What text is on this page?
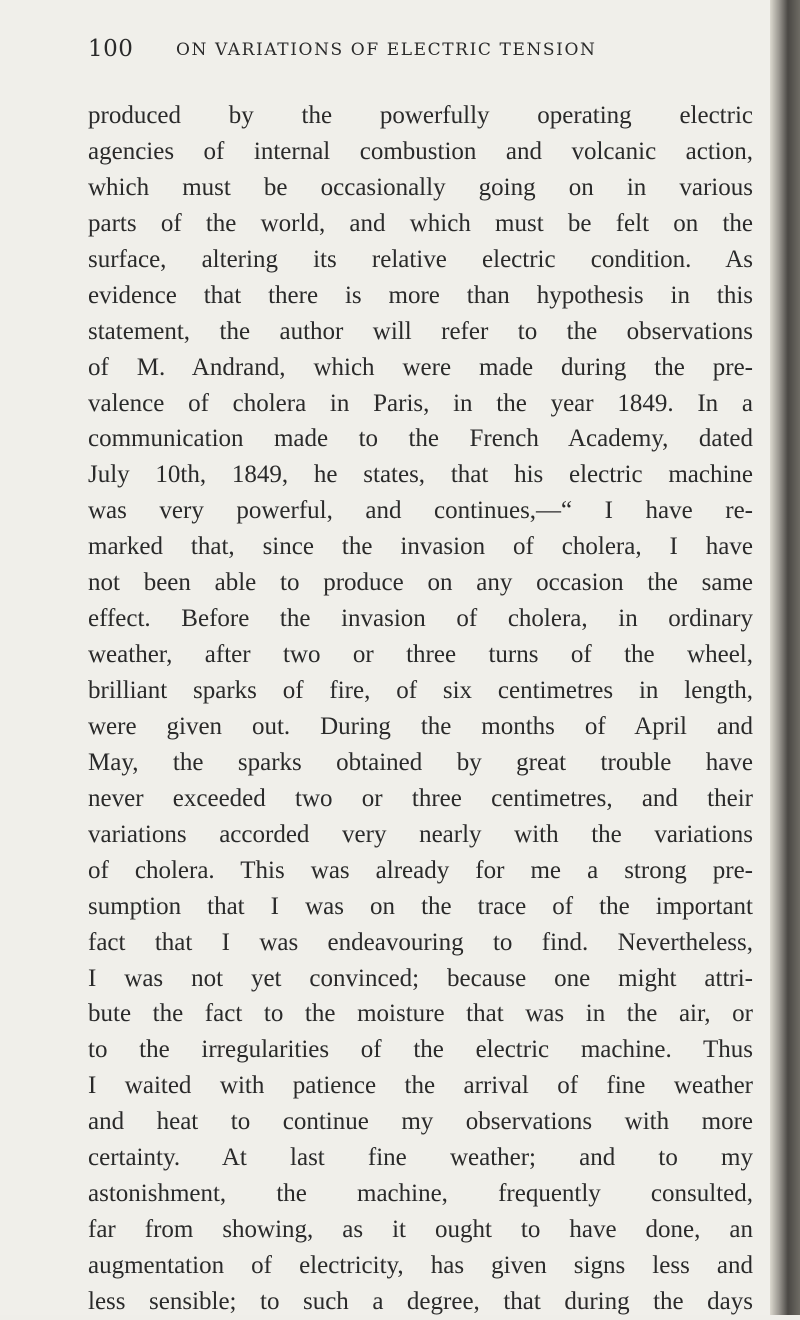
100	ON VARIATIONS OF ELECTRIC TENSION
produced by the powerfully operating electric
agencies of internal combustion and volcanic action,
which must be occasionally going on in various
parts of the world, and which must be felt on the
surface, altering its relative electric condition. As
evidence that there is more than hypothesis in this
statement, the author will refer to the observations
of M. Andrand, which were made during the pre-
valence of cholera in Paris, in the year 1849. In a
communication made to the French Academy, dated
July 10th, 1849, he states, that his electric machine
was very powerful, and continues,—“ I have re-
marked that, since the invasion of cholera, I have
not been able to produce on any occasion the same
effect. Before the invasion of cholera, in ordinary
weather, after two or three turns of the wheel,
brilliant sparks of fire, of six centimetres in length,
were given out. During the months of April and
May, the sparks obtained by great trouble have
never exceeded two or three centimetres, and their
variations accorded very nearly with the variations
of cholera. This was already for me a strong pre-
sumption that I was on the trace of the important
fact that I was endeavouring to find. Nevertheless,
I was not yet convinced; because one might attri-
bute the fact to the moisture that was in the air, or
to the irregularities of the electric machine. Thus
I waited with patience the arrival of fine weather
and heat to continue my observations with more
certainty. At last fine weather; and to my
astonishment, the machine, frequently consulted,
far from showing, as it ought to have done, an
augmentation of electricity, has given signs less and
less sensible; to such a degree, that during the days
